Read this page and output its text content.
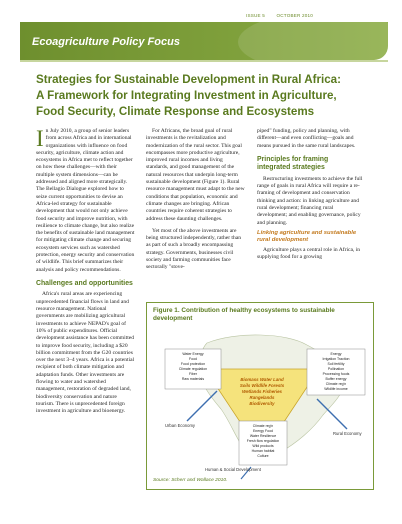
ISSUE 5 OCTOBER 2010
Ecoagriculture Policy Focus
Strategies for Sustainable Development in Rural Africa:
A Framework for Integrating Investment in Agriculture,
Food Security, Climate Response and Ecosystems

In July 2010, a group of senior leaders from across Africa and in international organizations with influence on food security, agriculture, climate action and ecosystems in Africa met to reflect together on how these challenges—with their multiple system dimensions—can be addressed and aligned more strategically. The Bellagio Dialogue explored how to seize current opportunities to devise an Africa-led strategy for sustainable development that would not only achieve food security and improve nutrition, with resilience to climate change, but also realize the benefits of sustainable land management for mitigating climate change and securing ecosystem services such as watershed protection, energy security and conservation of wildlife. This brief summarizes their analysis and policy recommendations.

Challenges and opportunities

Africa's rural areas are experiencing unprecedented financial flows in land and resource management. National governments are mobilizing agricultural investments to achieve NEPAD's goal of 10% of public expenditures. Official development assistance has been committed to improve food security, including a $20 billion commitment from the G20 countries over the next 3–4 years. Africa is a potential recipient of both climate mitigation and adaptation funds. Other investments are flowing to water and watershed management, restoration of degraded land, biodiversity conservation and nature tourism. There is unprecedented foreign investment in agriculture and bioenergy.

For Africans, the broad goal of rural investments is the revitalization and modernization of the rural sector. This goal encompasses more productive agriculture, improved rural incomes and living standards, and good management of the natural resources that underpin long-term sustainable development (Figure 1). Rural resource management must adapt to the new conditions that population, economic and climate changes are bringing. African countries require coherent strategies to address these daunting challenges.

Yet most of the above investments are being structured independently, rather than as part of such a broadly encompassing strategy. Governments, businesses civil society and farming communities face sectorally "stove-

piped" funding, policy and planning, with different—and even conflicting—goals and means pursued in the same rural landscapes.

Principles for framing integrated strategies

Restructuring investments to achieve the full range of goals in rural Africa will require a re-framing of development and conservation thinking and action: in linking agriculture and rural development; financing rural development; and enabling governance, policy and planning.

Linking agriculture and sustainable rural development

Agriculture plays a central role in Africa, in supplying food for a growing

Figure 1. Contribution of healthy ecosystems to sustainable development
Water Energy
Food
Food protection
Climate regulation
Fiber
Raw materials
Energy
Irrigation Traction
Soil fertility
Pollination
Processing foods
Buffer energy
Climate reg'n
Wildlife income
Biomass Water Land
Soils Wildlife Forests
Wetlands Fisheries
Rangelands
Biodiversity
Climate reg'n
Energy Food
Water Resilience
Fresh flow regulation
Wild products
Human habitat
Culture
Urban Economy
Rural Economy
Human & Social Development
Source: Scherr and Wallace 2010.
